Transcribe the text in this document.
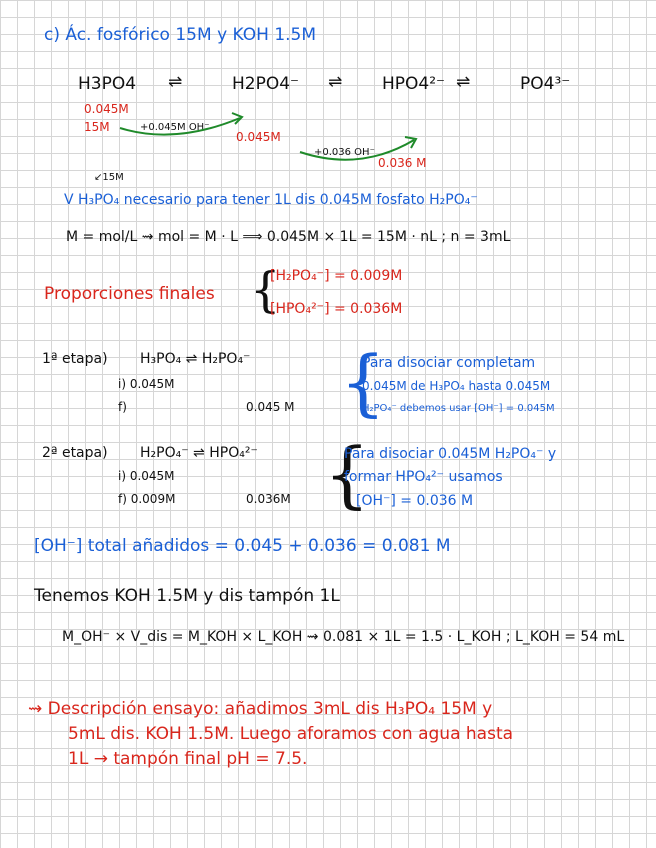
c) Ác. fosfórico 15M y KOH 1.5M
H3PO4 ⇌	H2PO4⁻ ⇌ HPO4²⁻ ⇌	PO4³⁻
0.045M
15M	+0.045M OH⁻
0.045M
+0.036 OH⁻
0.036 M
↙15M
V H₃PO₄ necesario para tener 1L dis 0.045M fosfato H₂PO₄⁻
M = mol/L ⇝ mol = M · L ⟹ 0.045M × 1L = 15M · nL ; n = 3mL
Proporciones finales {
[H₂PO₄⁻] = 0.009M
[HPO₄²⁻] = 0.036M
1ª etapa) H₃PO₄ ⇌ H₂PO₄⁻
i) 0.045M
f)	0.045 M {
Para disociar completam
0.045M de H₃PO₄ hasta 0.045M
H₂PO₄⁻ debemos usar [OH⁻] = 0.045M
2ª etapa) H₂PO₄⁻ ⇌ HPO₄²⁻
i) 0.045M
f) 0.009M	0.036M {
Para disociar 0.045M H₂PO₄⁻ y
formar HPO₄²⁻ usamos
[OH⁻] = 0.036 M
[OH⁻] total añadidos = 0.045 + 0.036 = 0.081 M
Tenemos KOH 1.5M y dis tampón 1L
M_OH⁻ × V_dis = M_KOH × L_KOH ⇝ 0.081 × 1L = 1.5 · L_KOH ; L_KOH = 54 mL
⇝ Descripción ensayo: añadimos 3mL dis H₃PO₄ 15M y
5mL dis. KOH 1.5M. Luego aforamos con agua hasta
1L → tampón final pH = 7.5.
